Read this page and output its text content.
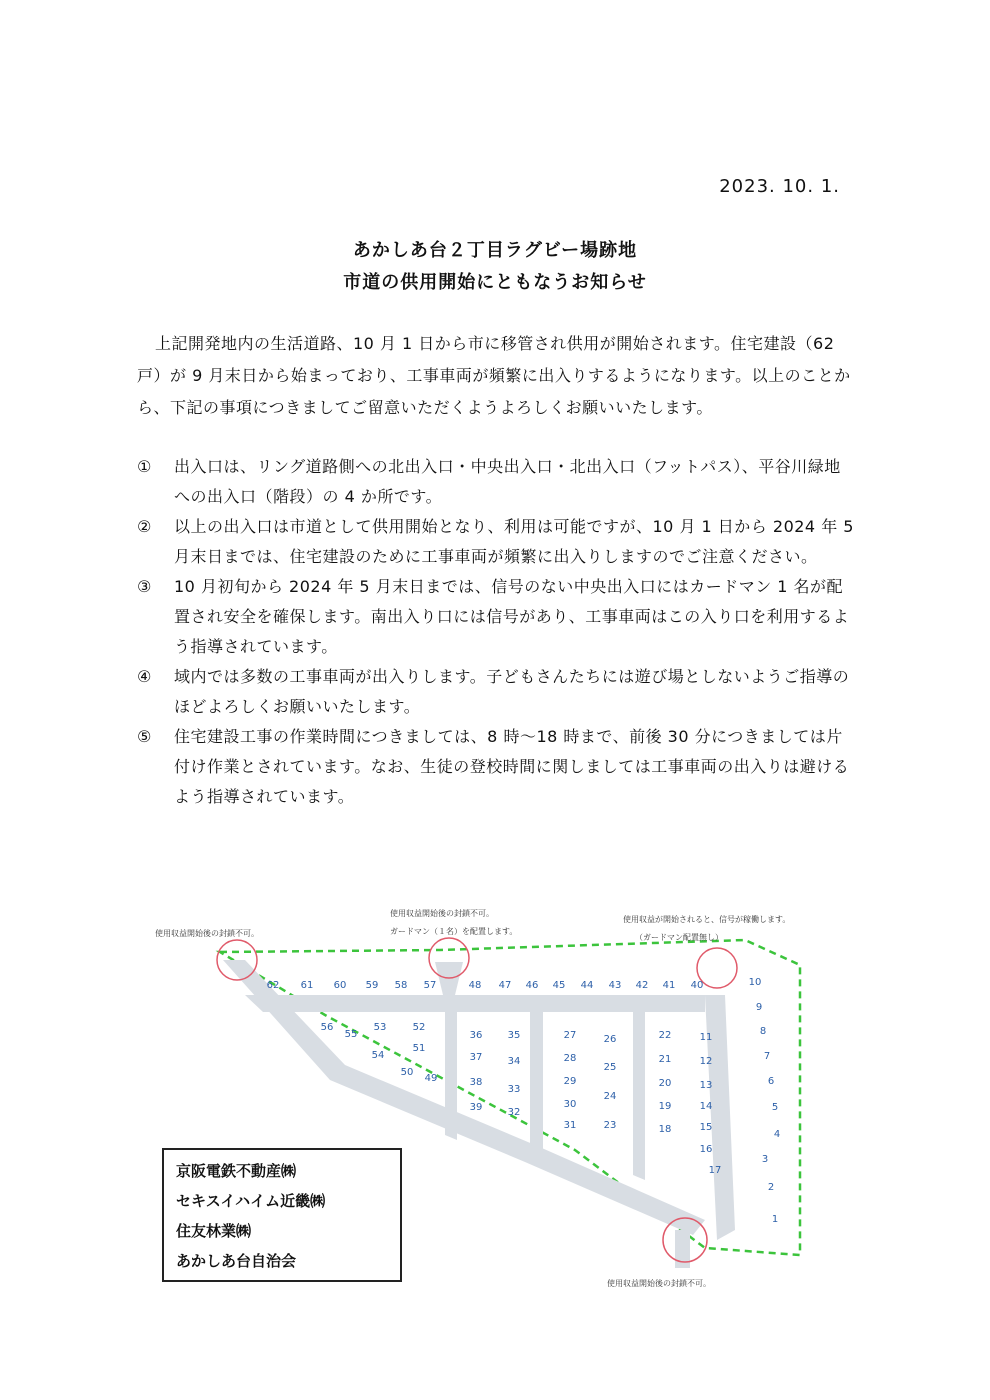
2023. 10. 1.
あかしあ台２丁目ラグビー場跡地
市道の供用開始にともなうお知らせ
上記開発地内の生活道路、10 月 1 日から市に移管され供用が開始されます。住宅建設（62 戸）が 9 月末日から始まっており、工事車両が頻繁に出入りするようになります。以上のことから、下記の事項につきましてご留意いただくようよろしくお願いいたします。
① 出入口は、リング道路側への北出入口・中央出入口・北出入口（フットパス）、平谷川緑地への出入口（階段）の 4 か所です。
② 以上の出入口は市道として供用開始となり、利用は可能ですが、10 月 1 日から 2024 年 5 月末日までは、住宅建設のために工事車両が頻繁に出入りしますのでご注意ください。
③ 10 月初旬から 2024 年 5 月末日までは、信号のない中央出入口にはカードマン 1 名が配置され安全を確保します。南出入り口には信号があり、工事車両はこの入り口を利用するよう指導されています。
④ 域内では多数の工事車両が出入りします。子どもさんたちには遊び場としないようご指導のほどよろしくお願いいたします。
⑤ 住宅建設工事の作業時間につきましては、8 時～18 時まで、前後 30 分につきましては片付け作業とされています。なお、生徒の登校時間に関しましては工事車両の出入りは避けるよう指導されています。
使用収益開始後の封鎖不可。
使用収益開始後の封鎖不可。
ガードマン（１名）を配置します。
使用収益が開始されると、信号が稼働します。
（ガードマン配置無し）
使用収益開始後の封鎖不可。
62 61 60 59 58 57	48 47 46 45 44 43 42 41 40
56
55
53
54
52
51
50
49
36	35
37	34
38
33
39	32
27	26
28
25
29
24
30
23
31
22	11
21	12
20	13
19	14
18	15
16
17
10
9
8
7
6
5
4
3
2
1
京阪電鉄不動産㈱
セキスイハイム近畿㈱
住友林業㈱
あかしあ台自治会
